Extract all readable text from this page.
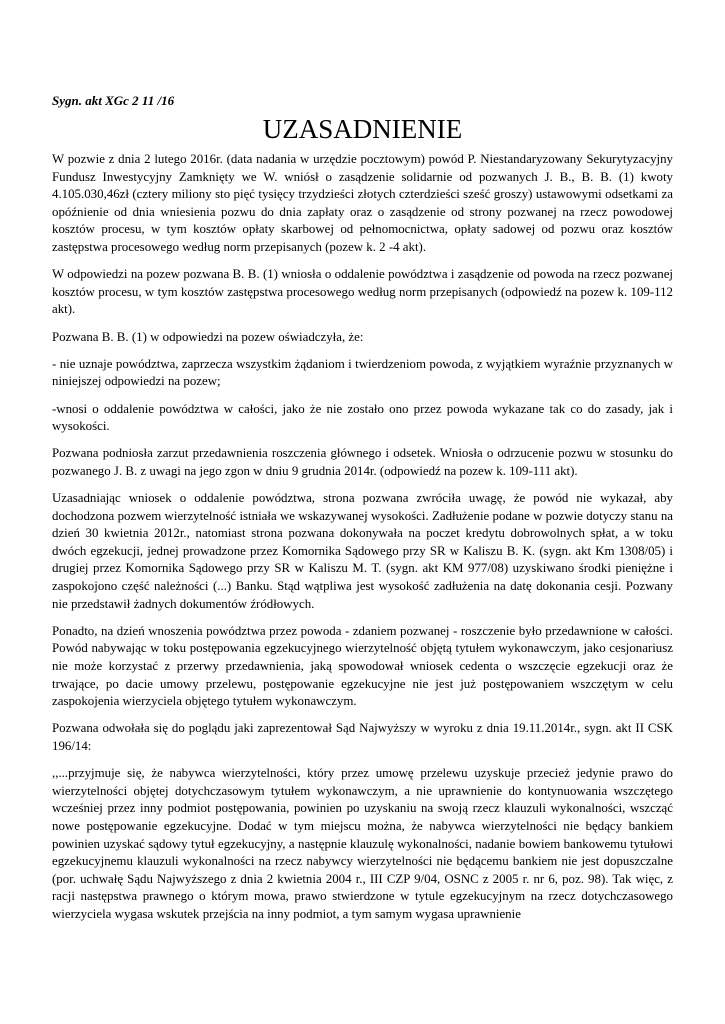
Sygn. akt XGc 2 11 /16

UZASADNIENIE

W pozwie z dnia 2 lutego 2016r. (data nadania w urzędzie pocztowym) powód P. Niestandaryzowany Sekurytyzacyjny Fundusz Inwestycyjny Zamknięty we W. wniósł o zasądzenie solidarnie od pozwanych J. B., B. B. (1) kwoty 4.105.030,46zł (cztery miliony sto pięć tysięcy trzydzieści złotych czterdzieści sześć groszy) ustawowymi odsetkami za opóźnienie od dnia wniesienia pozwu do dnia zapłaty oraz o zasądzenie od strony pozwanej na rzecz powodowej kosztów procesu, w tym kosztów opłaty skarbowej od pełnomocnictwa, opłaty sadowej od pozwu oraz kosztów zastępstwa procesowego według norm przepisanych (pozew k. 2 -4 akt).

W odpowiedzi na pozew pozwana B. B. (1) wniosła o oddalenie powództwa i zasądzenie od powoda na rzecz pozwanej kosztów procesu, w tym kosztów zastępstwa procesowego według norm przepisanych (odpowiedź na pozew k. 109-112 akt).

Pozwana B. B. (1) w odpowiedzi na pozew oświadczyła, że:

- nie uznaje powództwa, zaprzecza wszystkim żądaniom i twierdzeniom powoda, z wyjątkiem wyraźnie przyznanych w niniejszej odpowiedzi na pozew;

-wnosi o oddalenie powództwa w całości, jako że nie zostało ono przez powoda wykazane tak co do zasady, jak i wysokości.

Pozwana podniosła zarzut przedawnienia roszczenia głównego i odsetek. Wniosła o odrzucenie pozwu w stosunku do pozwanego J. B. z uwagi na jego zgon w dniu 9 grudnia 2014r. (odpowiedź na pozew k. 109-111 akt).

Uzasadniając wniosek o oddalenie powództwa, strona pozwana zwróciła uwagę, że powód nie wykazał, aby dochodzona pozwem wierzytelność istniała we wskazywanej wysokości. Zadłużenie podane w pozwie dotyczy stanu na dzień 30 kwietnia 2012r., natomiast strona pozwana dokonywała na poczet kredytu dobrowolnych spłat, a w toku dwóch egzekucji, jednej prowadzone przez Komornika Sądowego przy SR w Kaliszu B. K. (sygn. akt Km 1308/05) i drugiej przez Komornika Sądowego przy SR w Kaliszu M. T. (sygn. akt KM 977/08) uzyskiwano środki pieniężne i zaspokojono część należności (...) Banku. Stąd wątpliwa jest wysokość zadłużenia na datę dokonania cesji. Pozwany nie przedstawił żadnych dokumentów źródłowych.

Ponadto, na dzień wnoszenia powództwa przez powoda - zdaniem pozwanej - roszczenie było przedawnione w całości. Powód nabywając w toku postępowania egzekucyjnego wierzytelność objętą tytułem wykonawczym, jako cesjonariusz nie może korzystać z przerwy przedawnienia, jaką spowodował wniosek cedenta o wszczęcie egzekucji oraz że trwające, po dacie umowy przelewu, postępowanie egzekucyjne nie jest już postępowaniem wszczętym w celu zaspokojenia wierzyciela objętego tytułem wykonawczym.

Pozwana odwołała się do poglądu jaki zaprezentował Sąd Najwyższy w wyroku z dnia 19.11.2014r., sygn. akt II CSK 196/14:

,,...przyjmuje się, że nabywca wierzytelności, który przez umowę przelewu uzyskuje przecież jedynie prawo do wierzytelności objętej dotychczasowym tytułem wykonawczym, a nie uprawnienie do kontynuowania wszczętego wcześniej przez inny podmiot postępowania, powinien po uzyskaniu na swoją rzecz klauzuli wykonalności, wszcząć nowe postępowanie egzekucyjne. Dodać w tym miejscu można, że nabywca wierzytelności nie będący bankiem powinien uzyskać sądowy tytuł egzekucyjny, a następnie klauzulę wykonalności, nadanie bowiem bankowemu tytułowi egzekucyjnemu klauzuli wykonalności na rzecz nabywcy wierzytelności nie będącemu bankiem nie jest dopuszczalne (por. uchwałę Sądu Najwyższego z dnia 2 kwietnia 2004 r., III CZP 9/04, OSNC z 2005 r. nr 6, poz. 98). Tak więc, z racji następstwa prawnego o którym mowa, prawo stwierdzone w tytule egzekucyjnym na rzecz dotychczasowego wierzyciela wygasa wskutek przejścia na inny podmiot, a tym samym wygasa uprawnienie
